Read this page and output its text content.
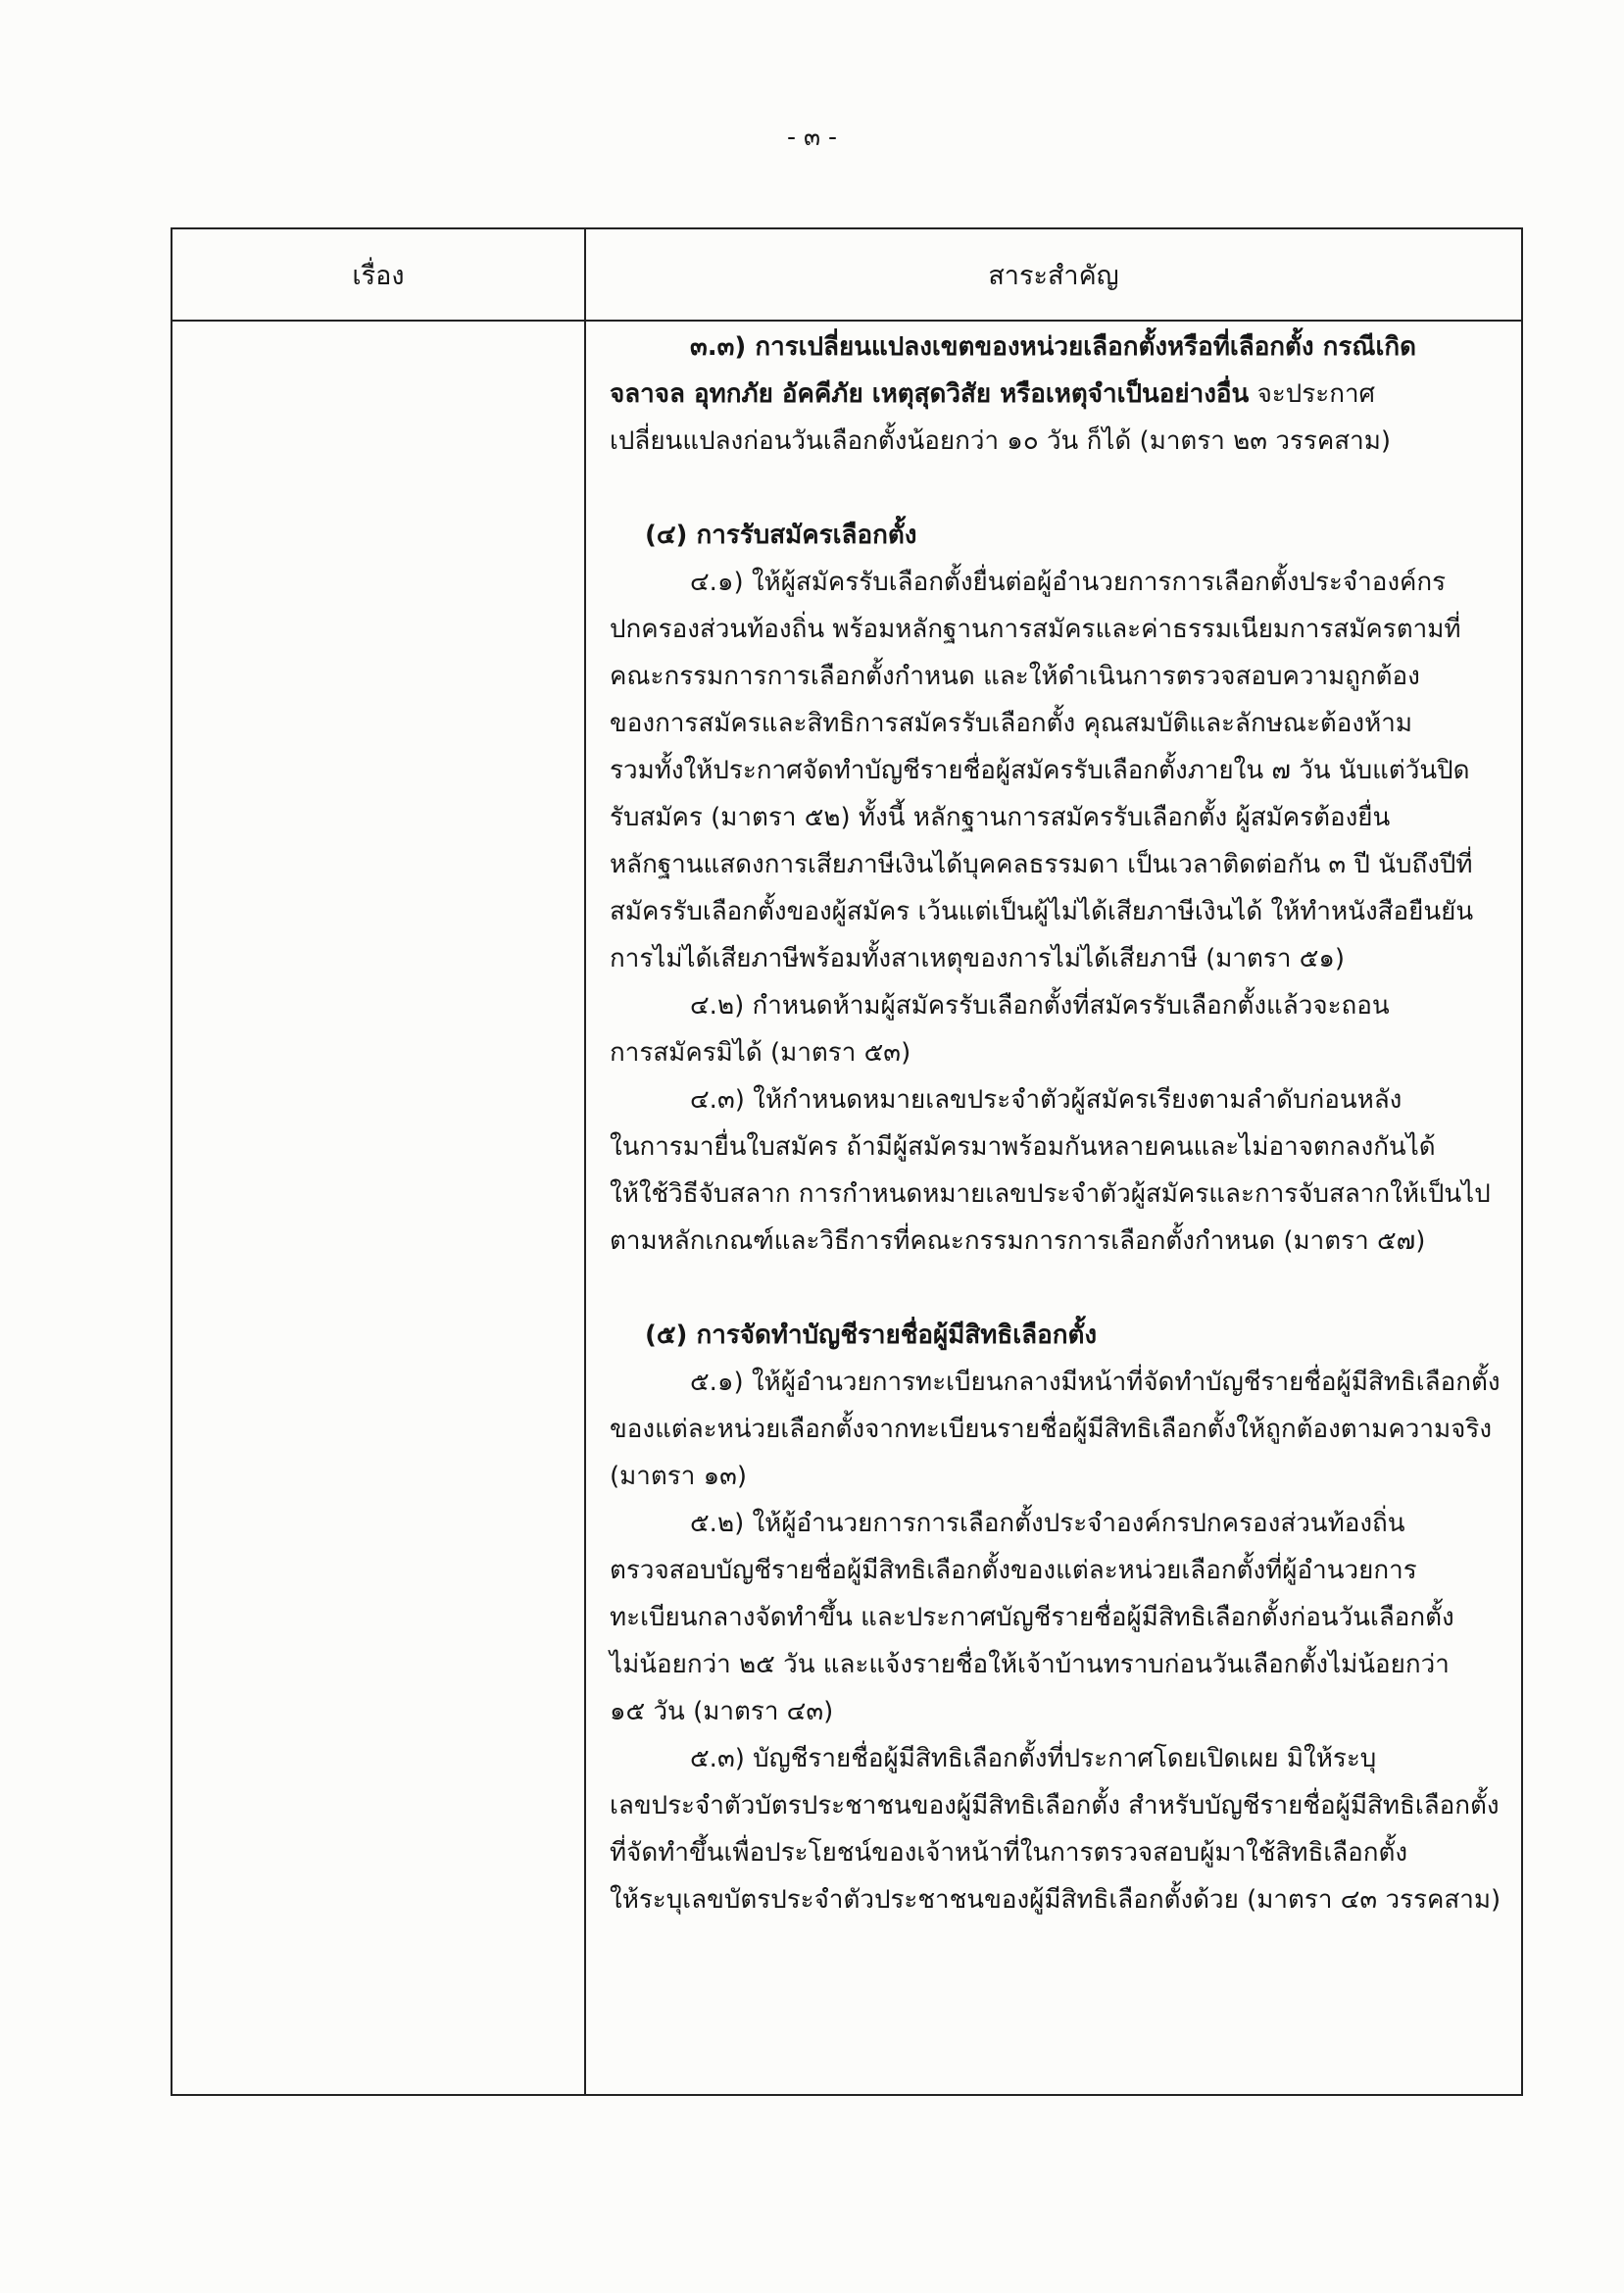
- ๓ -
เรื่อง	สาระสำคัญ
๓.๓) การเปลี่ยนแปลงเขตของหน่วยเลือกตั้งหรือที่เลือกตั้ง กรณีเกิด
จลาจล อุทกภัย อัคคีภัย เหตุสุดวิสัย หรือเหตุจำเป็นอย่างอื่น จะประกาศ
เปลี่ยนแปลงก่อนวันเลือกตั้งน้อยกว่า ๑๐ วัน ก็ได้ (มาตรา ๒๓ วรรคสาม)
(๔) การรับสมัครเลือกตั้ง
๔.๑) ให้ผู้สมัครรับเลือกตั้งยื่นต่อผู้อำนวยการการเลือกตั้งประจำองค์กร
ปกครองส่วนท้องถิ่น พร้อมหลักฐานการสมัครและค่าธรรมเนียมการสมัครตามที่
คณะกรรมการการเลือกตั้งกำหนด และให้ดำเนินการตรวจสอบความถูกต้อง
ของการสมัครและสิทธิการสมัครรับเลือกตั้ง คุณสมบัติและลักษณะต้องห้าม
รวมทั้งให้ประกาศจัดทำบัญชีรายชื่อผู้สมัครรับเลือกตั้งภายใน ๗ วัน นับแต่วันปิด
รับสมัคร (มาตรา ๕๒) ทั้งนี้ หลักฐานการสมัครรับเลือกตั้ง ผู้สมัครต้องยื่น
หลักฐานแสดงการเสียภาษีเงินได้บุคคลธรรมดา เป็นเวลาติดต่อกัน ๓ ปี นับถึงปีที่
สมัครรับเลือกตั้งของผู้สมัคร เว้นแต่เป็นผู้ไม่ได้เสียภาษีเงินได้ ให้ทำหนังสือยืนยัน
การไม่ได้เสียภาษีพร้อมทั้งสาเหตุของการไม่ได้เสียภาษี (มาตรา ๕๑)
๔.๒) กำหนดห้ามผู้สมัครรับเลือกตั้งที่สมัครรับเลือกตั้งแล้วจะถอน
การสมัครมิได้ (มาตรา ๕๓)
๔.๓) ให้กำหนดหมายเลขประจำตัวผู้สมัครเรียงตามลำดับก่อนหลัง
ในการมายื่นใบสมัคร ถ้ามีผู้สมัครมาพร้อมกันหลายคนและไม่อาจตกลงกันได้
ให้ใช้วิธีจับสลาก การกำหนดหมายเลขประจำตัวผู้สมัครและการจับสลากให้เป็นไป
ตามหลักเกณฑ์และวิธีการที่คณะกรรมการการเลือกตั้งกำหนด (มาตรา ๕๗)
(๕) การจัดทำบัญชีรายชื่อผู้มีสิทธิเลือกตั้ง
๕.๑) ให้ผู้อำนวยการทะเบียนกลางมีหน้าที่จัดทำบัญชีรายชื่อผู้มีสิทธิเลือกตั้ง
ของแต่ละหน่วยเลือกตั้งจากทะเบียนรายชื่อผู้มีสิทธิเลือกตั้งให้ถูกต้องตามความจริง
(มาตรา ๑๓)
๕.๒) ให้ผู้อำนวยการการเลือกตั้งประจำองค์กรปกครองส่วนท้องถิ่น
ตรวจสอบบัญชีรายชื่อผู้มีสิทธิเลือกตั้งของแต่ละหน่วยเลือกตั้งที่ผู้อำนวยการ
ทะเบียนกลางจัดทำขึ้น และประกาศบัญชีรายชื่อผู้มีสิทธิเลือกตั้งก่อนวันเลือกตั้ง
ไม่น้อยกว่า ๒๕ วัน และแจ้งรายชื่อให้เจ้าบ้านทราบก่อนวันเลือกตั้งไม่น้อยกว่า
๑๕ วัน (มาตรา ๔๓)
๕.๓) บัญชีรายชื่อผู้มีสิทธิเลือกตั้งที่ประกาศโดยเปิดเผย มิให้ระบุ
เลขประจำตัวบัตรประชาชนของผู้มีสิทธิเลือกตั้ง สำหรับบัญชีรายชื่อผู้มีสิทธิเลือกตั้ง
ที่จัดทำขึ้นเพื่อประโยชน์ของเจ้าหน้าที่ในการตรวจสอบผู้มาใช้สิทธิเลือกตั้ง
ให้ระบุเลขบัตรประจำตัวประชาชนของผู้มีสิทธิเลือกตั้งด้วย (มาตรา ๔๓ วรรคสาม)
